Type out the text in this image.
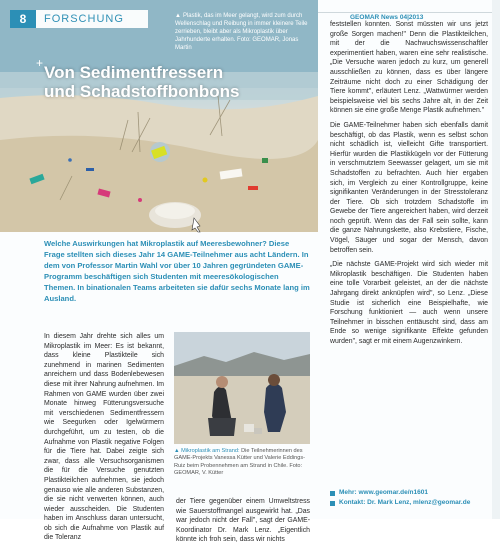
8	FORSCHUNG	▲ Plastik, das im Meer gelangt, wird zum durch Wellenschlag und Reibung in immer kleinere Teile zerrieben, bleibt aber als Mikroplastik über Jahrhunderte erhalten. Foto: GEOMAR, Jonas Martin
+ Von Sedimentfressern
und Schadstoffbonbons
GEOMAR News 04|2013
Welche Auswirkungen hat Mikroplastik auf Meeresbewohner? Diese Frage stellten sich dieses Jahr 14 GAME-Teilnehmer aus acht Ländern. In dem von Professor Martin Wahl vor über 10 Jahren gegründeten GAME-Programm beschäftigen sich Studenten mit meeresökologischen Themen. In binationalen Teams arbeiteten sie dafür sechs Monate lang im Ausland.

In diesem Jahr drehte sich alles um Mikroplastik im Meer: Es ist bekannt, dass kleine Plastikteile sich zunehmend in marinen Sedimenten anreichern und dass Bodenlebewesen diese mit ihrer Nahrung aufnehmen. Im Rahmen von GAME wurden über zwei Monate hinweg Fütterungsversuche mit verschiedenen Sedimentfressern wie Seegurken oder Igelwürmern durchgeführt, um zu testen, ob die Aufnahme von Plastik negative Folgen für die Tiere hat. Dabei zeigte sich zwar, dass alle Versuchsorganismen die für die Versuche genutzten Plastikteilchen aufnehmen, sie jedoch genauso wie alle anderen Substanzen, die sie nicht verwerten können, auch wieder ausscheiden. Die Studenten haben im Anschluss daran untersucht, ob sich die Aufnahme von Plastik auf die Toleranz

▲ Mikroplastik am Strand: Die Teilnehmerinnen des GAME-Projekts Vanessa Kütter und Valerie Eddings-Ruiz beim Probennehmen am Strand in Chile. Foto: GEOMAR, V. Kütter
der Tiere gegenüber einem Umweltstress wie Sauerstoffmangel ausgewirkt hat. „Das war jedoch nicht der Fall", sagt der GAME-Koordinator Dr. Mark Lenz. „Eigentlich könnte ich froh sein, dass wir nichts

feststellen konnten. Sonst müssten wir uns jetzt große Sorgen machen!" Denn die Plastikteilchen, mit der die Nachwuchswissenschaftler experimentiert haben, waren eine sehr realistische. „Die Versuche waren jedoch zu kurz, um generell ausschließen zu können, dass es über längere Zeiträume nicht doch zu einer Schädigung der Tiere kommt", erläutert Lenz. „Wattwürmer werden beispielsweise viel bis sechs Jahre alt, in der Zeit können sie eine große Menge Plastik aufnehmen."

Die GAME-Teilnehmer haben sich ebenfalls damit beschäftigt, ob das Plastik, wenn es selbst schon nicht schädlich ist, vielleicht Gifte transportiert. Hierfür wurden die Plastikkügeln vor der Fütterung in verschmutztem Seewasser gelagert, um sie mit Schadstoffen zu befrachten. Auch hier ergaben sich, im Vergleich zu einer Kontrollgruppe, keine signifikanten Veränderungen in der Stresstoleranz der Tiere. Ob sich trotzdem Schadstoffe im Gewebe der Tiere angereichert haben, wird derzeit noch geprüft. Wenn das der Fall sein sollte, kann die ganze Nahrungskette, also Krebstiere, Fische, Vögel, Säuger und sogar der Mensch, davon betroffen sein.

„Die nächste GAME-Projekt wird sich wieder mit Mikroplastik beschäftigen. Die Studenten haben eine tolle Vorarbeit geleistet, an der die nächste Jahrgang direkt anknüpfen wird", so Lenz. „Diese Studie ist sicherlich eine Beispielhafte, wie Forschung funktioniert — auch wenn unsere Teilnehmer in bisschen enttäuscht sind, dass am Ende so wenige signifikante Effekte gefunden wurden", sagt er mit einem Augenzwinkern.

Mehr: www.geomar.de/n1601
Kontakt: Dr. Mark Lenz, mlenz@geomar.de
